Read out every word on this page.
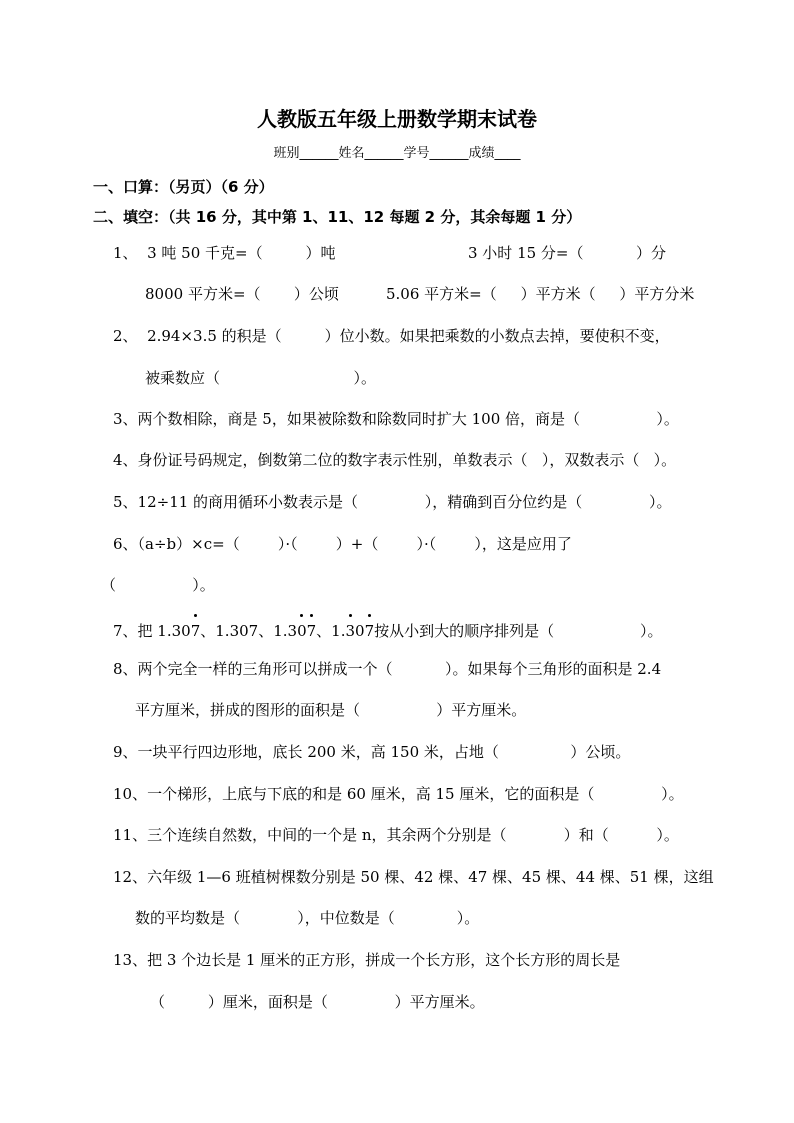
人教版五年级上册数学期末试卷
班别______姓名______学号______成绩____
一、口算：（另页）（6 分）
二、填空：（共 16 分，其中第 1、11、12 每题 2 分，其余每题 1 分）
1、  3 吨 50 千克=（         ）吨	3 小时 15 分=（           ）分
8000 平方米=（       ）公顷	5.06 平方米=（     ）平方米（     ）平方分米
2、  2.94×3.5 的积是（         ）位小数。如果把乘数的小数点去掉，要使积不变，
被乘数应（                            ）。
3、两个数相除，商是 5，如果被除数和除数同时扩大 100 倍，商是（                ）。
4、身份证号码规定，倒数第二位的数字表示性别，单数表示（   ），双数表示（   ）。
5、12÷11 的商用循环小数表示是（              ），精确到百分位约是（              ）。
6、（a÷b）×c=（        ）·（        ）+（        ）·（        ），这是应用了
（                ）。
7、把 1.307
、1.307、1.30
7
、1.3
07
按从小到大的顺序排列是（                  ）。
8、两个完全一样的三角形可以拼成一个（           ）。如果每个三角形的面积是 2.4
平方厘米，拼成的图形的面积是（                ）平方厘米。
9、一块平行四边形地，底长 200 米，高 150 米，占地（               ）公顷。
10、一个梯形，上底与下底的和是 60 厘米，高 15 厘米，它的面积是（              ）。
11、三个连续自然数，中间的一个是 n，其余两个分别是（            ）和（          ）。
12、六年级 1—6 班植树棵数分别是 50 棵、42 棵、47 棵、45 棵、44 棵、51 棵，这组
数的平均数是（            ），中位数是（             ）。
13、把 3 个边长是 1 厘米的正方形，拼成一个长方形，这个长方形的周长是
（         ）厘米，面积是（              ）平方厘米。
